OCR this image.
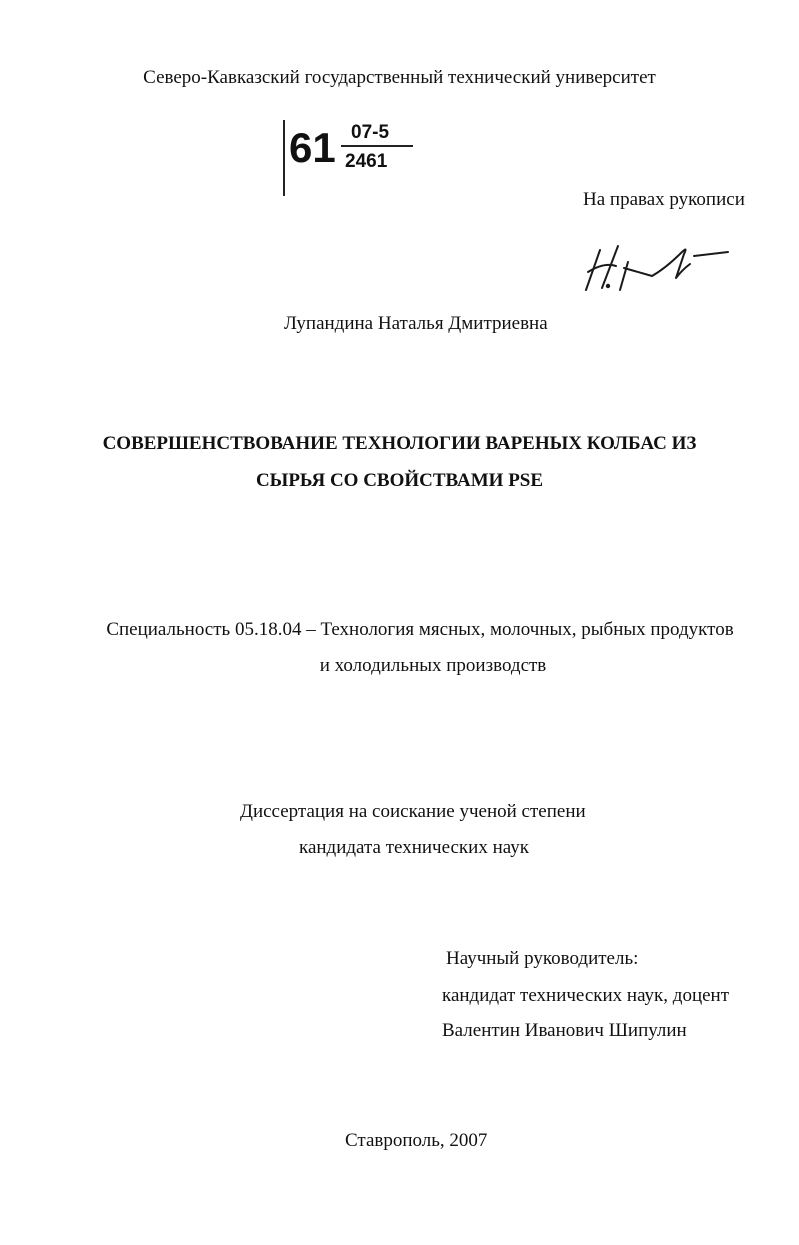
Северо-Кавказский государственный технический университет
61 07-5
2461
На правах рукописи
Лупандина Наталья Дмитриевна
СОВЕРШЕНСТВОВАНИЕ ТЕХНОЛОГИИ ВАРЕНЫХ КОЛБАС ИЗ
СЫРЬЯ СО СВОЙСТВАМИ PSE
Специальность 05.18.04 – Технология мясных, молочных, рыбных продуктов
и холодильных производств
Диссертация на соискание ученой степени
кандидата технических наук
Научный руководитель:
кандидат технических наук, доцент
Валентин Иванович Шипулин
Ставрополь, 2007
